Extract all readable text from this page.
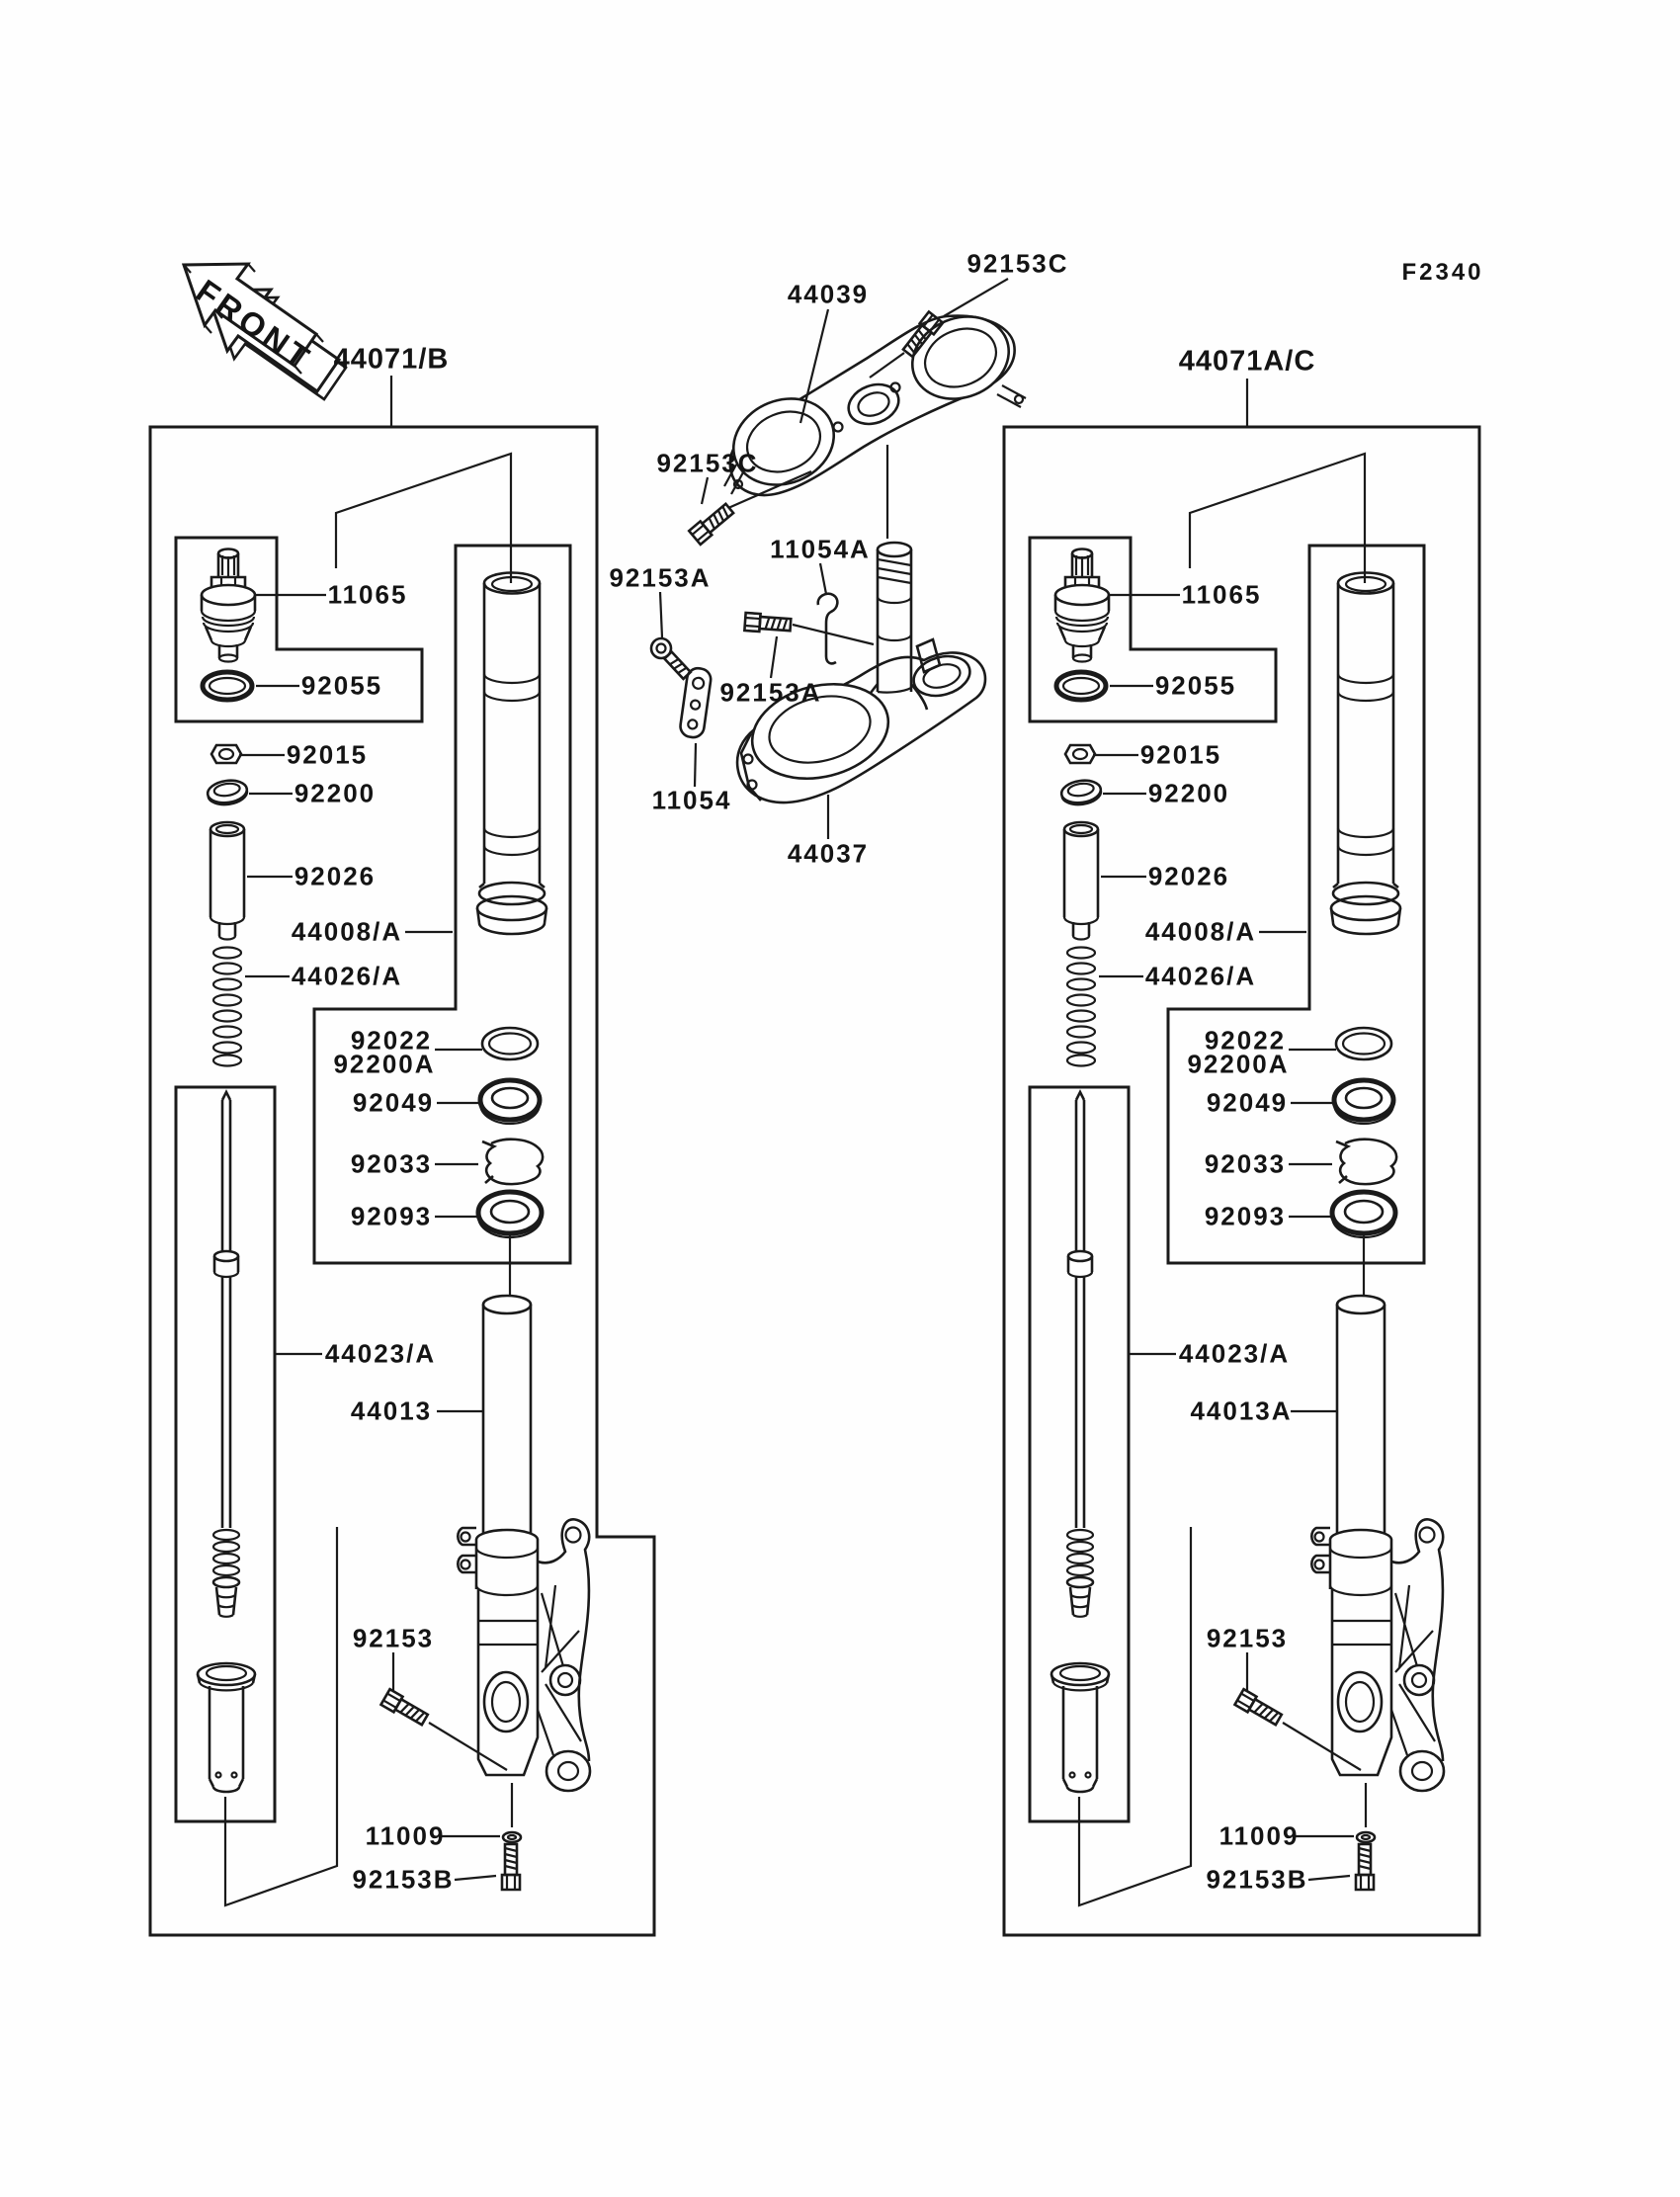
FRONT 44071/B	44071A/C
44039
92153C	F2340
92153C
92153A
11054A
92153A
11054
44037
11065
92055
92015
92200
92026
44008/A
44026/A
92022
92200A
92049
92033
92093
44023/A
44013
92153
11009
92153B
11065
92055
92015
92200
92026
44008/A
44026/A
92022
92200A
92049
92033
92093
44023/A
44013A
92153
11009
92153B
